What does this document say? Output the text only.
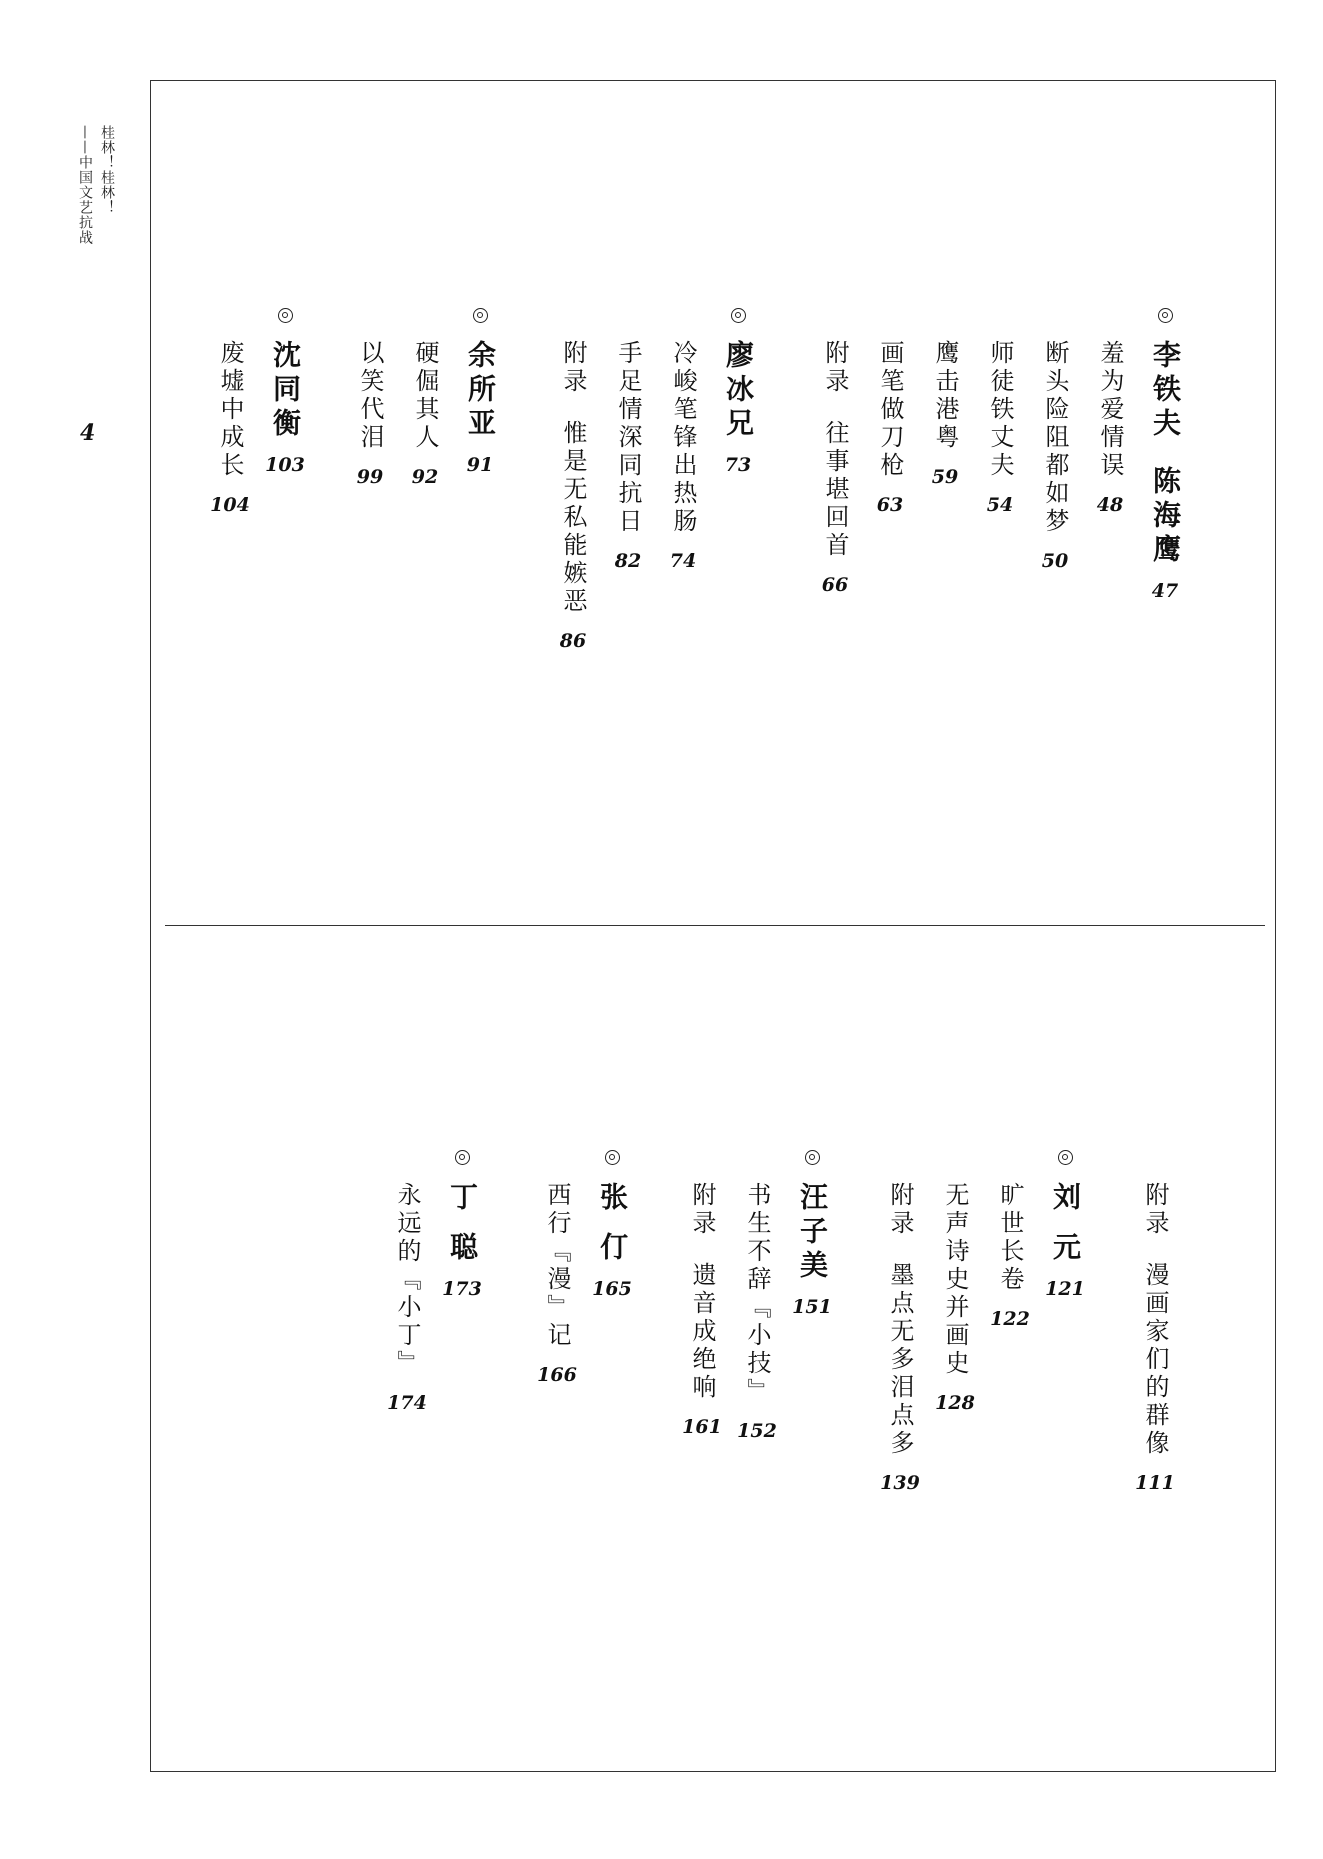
桂林！桂林！
——中国文艺抗战
4	李铁夫
陈海鹰
47
羞为爱情误
48
断头险阻都如梦
50
师徒铁丈夫
54
鹰击港粤
59
画笔做刀枪
63
附录
往事堪回首
66
廖冰兄
73
冷峻笔锋出热肠
74
手足情深同抗日
82
附录
惟是无私能嫉恶
86
余所亚
91
硬倔其人
92
以笑代泪
99
沈同衡
103
废墟中成长
104
附录
漫画家们的群像
111
刘 元
121
旷世长卷
122
无声诗史并画史
128
附录
墨点无多泪点多
139
汪子美
151
书生不辞『小技』
152
附录
遗音成绝响
161
张 仃
165
西行『漫』记
166
丁 聪
173
永远的『小丁』
174
